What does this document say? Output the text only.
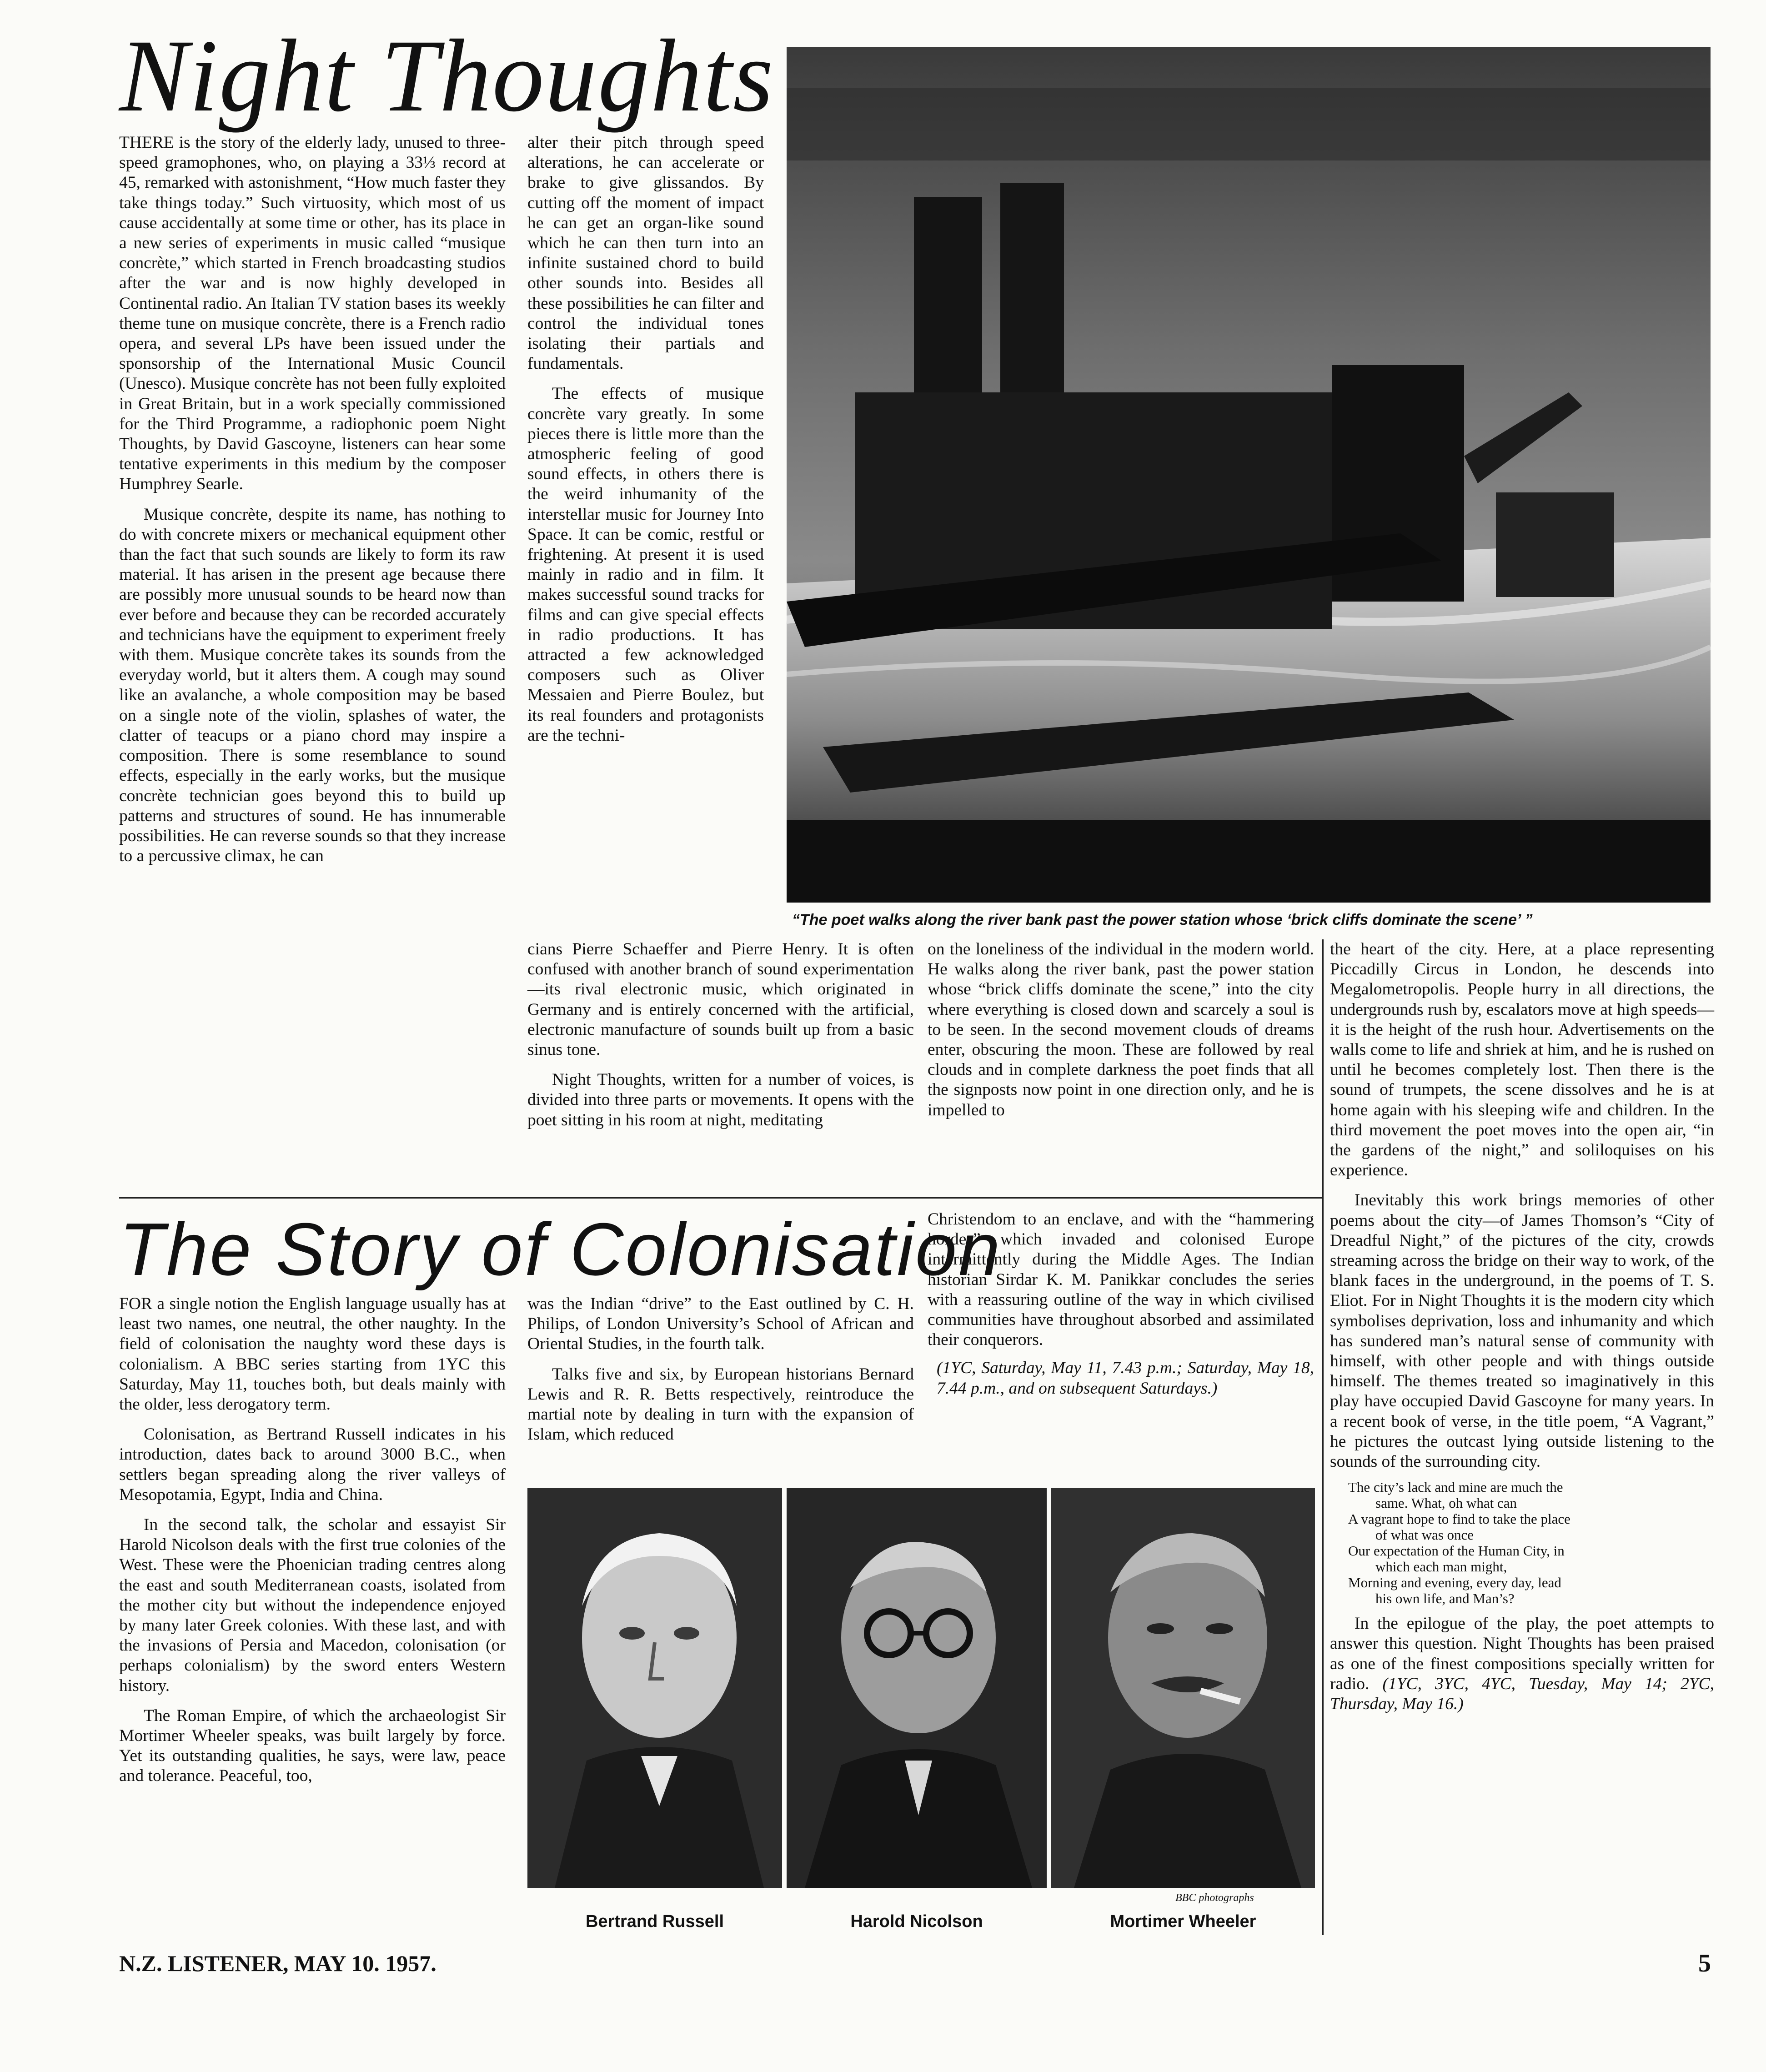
Night Thoughts
“The poet walks along the river bank past the power station whose ‘brick cliffs dominate the scene’ ”

THERE is the story of the elderly lady, unused to three-speed gramophones, who, on playing a 33⅓ record at 45, remarked with astonishment, “How much faster they take things today.” Such virtuosity, which most of us cause accidentally at some time or other, has its place in a new series of experiments in music called “musique concrète,” which started in French broadcasting studios after the war and is now highly developed in Continental radio. An Italian TV station bases its weekly theme tune on musique concrète, there is a French radio opera, and several LPs have been issued under the sponsorship of the International Music Council (Unesco). Musique concrète has not been fully exploited in Great Britain, but in a work specially commissioned for the Third Programme, a radiophonic poem Night Thoughts, by David Gascoyne, listeners can hear some tentative experiments in this medium by the composer Humphrey Searle.

Musique concrète, despite its name, has nothing to do with concrete mixers or mechanical equipment other than the fact that such sounds are likely to form its raw material. It has arisen in the present age because there are possibly more unusual sounds to be heard now than ever before and because they can be recorded accurately and technicians have the equipment to experiment freely with them. Musique concrète takes its sounds from the everyday world, but it alters them. A cough may sound like an avalanche, a whole composition may be based on a single note of the violin, splashes of water, the clatter of teacups or a piano chord may inspire a composition. There is some resemblance to sound effects, especially in the early works, but the musique concrète technician goes beyond this to build up patterns and structures of sound. He has innumerable possibilities. He can reverse sounds so that they increase to a percussive climax, he can

alter their pitch through speed alterations, he can accelerate or brake to give glissandos. By cutting off the moment of impact he can get an organ-like sound which he can then turn into an infinite sustained chord to build other sounds into. Besides all these possibilities he can filter and control the individual tones isolating their partials and fundamentals.

The effects of musique concrète vary greatly. In some pieces there is little more than the atmospheric feeling of good sound effects, in others there is the weird inhumanity of the interstellar music for Journey Into Space. It can be comic, restful or frightening. At present it is used mainly in radio and in film. It makes successful sound tracks for films and can give special effects in radio productions. It has attracted a few acknowledged composers such as Oliver Messaien and Pierre Boulez, but its real founders and protagonists are the techni-

cians Pierre Schaeffer and Pierre Henry. It is often confused with another branch of sound experimentation —its rival electronic music, which originated in Germany and is entirely concerned with the artificial, electronic manufacture of sounds built up from a basic sinus tone.

Night Thoughts, written for a number of voices, is divided into three parts or movements. It opens with the poet sitting in his room at night, meditating

on the loneliness of the individual in the modern world. He walks along the river bank, past the power station whose “brick cliffs dominate the scene,” into the city where everything is closed down and scarcely a soul is to be seen. In the second movement clouds of dreams enter, obscuring the moon. These are followed by real clouds and in complete darkness the poet finds that all the signposts now point in one direction only, and he is impelled to

the heart of the city. Here, at a place representing Piccadilly Circus in London, he descends into Megalometropolis. People hurry in all directions, the undergrounds rush by, escalators move at high speeds—it is the height of the rush hour. Advertisements on the walls come to life and shriek at him, and he is rushed on until he becomes completely lost. Then there is the sound of trumpets, the scene dissolves and he is at home again with his sleeping wife and children. In the third movement the poet moves into the open air, “in the gardens of the night,” and soliloquises on his experience.

Inevitably this work brings memories of other poems about the city—of James Thomson’s “City of Dreadful Night,” of the pictures of the city, crowds streaming across the bridge on their way to work, of the blank faces in the underground, in the poems of T. S. Eliot. For in Night Thoughts it is the modern city which symbolises deprivation, loss and inhumanity and which has sundered man’s natural sense of community with himself, with other people and with things outside himself. The themes treated so imaginatively in this play have occupied David Gascoyne for many years. In a recent book of verse, in the title poem, “A Vagrant,” he pictures the outcast lying outside listening to the sounds of the surrounding city.

The city’s lack and mine are much the
same. What, oh what can
A vagrant hope to find to take the place
of what was once
Our expectation of the Human City, in
which each man might,
Morning and evening, every day, lead
his own life, and Man’s?

In the epilogue of the play, the poet attempts to answer this question. Night Thoughts has been praised as one of the finest compositions specially written for radio. (1YC, 3YC, 4YC, Tuesday, May 14; 2YC, Thursday, May 16.)

The Story of Colonisation

FOR a single notion the English language usually has at least two names, one neutral, the other naughty. In the field of colonisation the naughty word these days is colonialism. A BBC series starting from 1YC this Saturday, May 11, touches both, but deals mainly with the older, less derogatory term.

Colonisation, as Bertrand Russell indicates in his introduction, dates back to around 3000 B.C., when settlers began spreading along the river valleys of Mesopotamia, Egypt, India and China.

In the second talk, the scholar and essayist Sir Harold Nicolson deals with the first true colonies of the West. These were the Phoenician trading centres along the east and south Mediterranean coasts, isolated from the mother city but without the independence enjoyed by many later Greek colonies. With these last, and with the invasions of Persia and Macedon, colonisation (or perhaps colonialism) by the sword enters Western history.

The Roman Empire, of which the archaeologist Sir Mortimer Wheeler speaks, was built largely by force. Yet its outstanding qualities, he says, were law, peace and tolerance. Peaceful, too,

was the Indian “drive” to the East outlined by C. H. Philips, of London University’s School of African and Oriental Studies, in the fourth talk.

Talks five and six, by European historians Bernard Lewis and R. R. Betts respectively, reintroduce the martial note by dealing in turn with the expansion of Islam, which reduced

Christendom to an enclave, and with the “hammering hordes” which invaded and colonised Europe intermittently during the Middle Ages. The Indian historian Sirdar K. M. Panikkar concludes the series with a reassuring outline of the way in which civilised communities have throughout absorbed and assimilated their conquerors.

(1YC, Saturday, May 11, 7.43 p.m.; Saturday, May 18, 7.44 p.m., and on subsequent Saturdays.)

BBC photographs
Bertrand Russell	Harold Nicolson	Mortimer Wheeler
N.Z. LISTENER, MAY 10. 1957.	5
